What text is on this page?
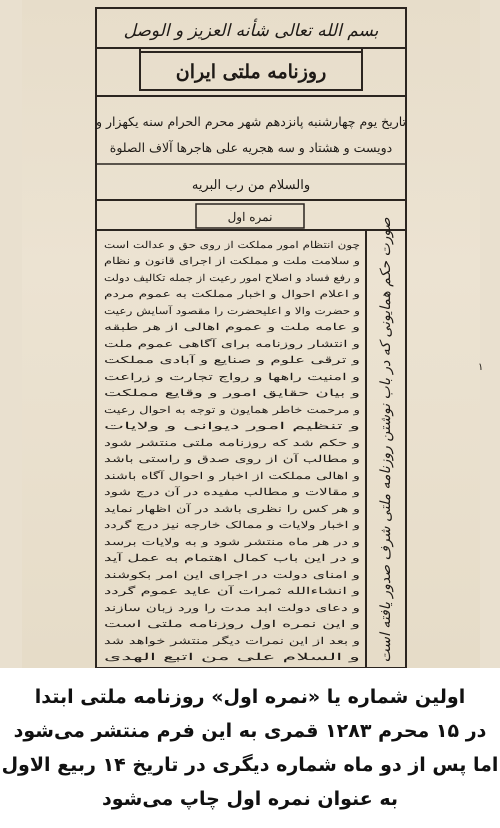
بسم الله تعالی شأنه العزیز و الوصل
روزنامه ملتی ایران
تاریخ یوم چهارشنبه پانزدهم شهر محرم الحرام سنه یکهزار و
دویست و هشتاد و سه هجریه علی هاجرها آلاف الصلوة
والسلام من رب البریه
نمره اول
صورت حکم همایونی که در باب نوشتن روزنامه ملتی شرف صدور یافته است
چون انتظام امور مملکت از روی حق و عدالت است
و سلامت ملت و مملکت از اجرای قانون و نظام
و رفع فساد و اصلاح امور رعیت از جمله تکالیف دولت
و اعلام احوال و اخبار مملکت به عموم مردم
و حضرت والا و اعلیحضرت را مقصود آسایش رعیت
و عامه ملت و عموم اهالی از هر طبقه
و انتشار روزنامه برای آگاهی عموم ملت
و ترقی علوم و صنایع و آبادی مملکت
و امنیت راهها و رواج تجارت و زراعت
و بیان حقایق امور و وقایع مملکت
و مرحمت خاطر همایون و توجه به احوال رعیت
و تنظیم امور دیوانی و ولایات
و حکم شد که روزنامه ملتی منتشر شود
و مطالب آن از روی صدق و راستی باشد
و اهالی مملکت از اخبار و احوال آگاه باشند
و مقالات و مطالب مفیده در آن درج شود
و هر کس را نظری باشد در آن اظهار نماید
و اخبار ولایات و ممالک خارجه نیز درج گردد
و در هر ماه منتشر شود و به ولایات برسد
و در این باب کمال اهتمام به عمل آید
و امنای دولت در اجرای این امر بکوشند
و انشاءالله ثمرات آن عاید عموم گردد
و دعای دولت ابد مدت را ورد زبان سازند
و این نمره اول روزنامه ملتی است
و بعد از این نمرات دیگر منتشر خواهد شد
و السلام علی من اتبع الهدی
١
اولین شماره یا «نمره اول» روزنامه ملتی ابتدا
در ۱۵ محرم ۱۲۸۳ قمری به این فرم منتشر می‌شود
اما پس از دو ماه شماره دیگری در تاریخ ۱۴ ربیع الاول
به عنوان نمره اول چاپ می‌شود
